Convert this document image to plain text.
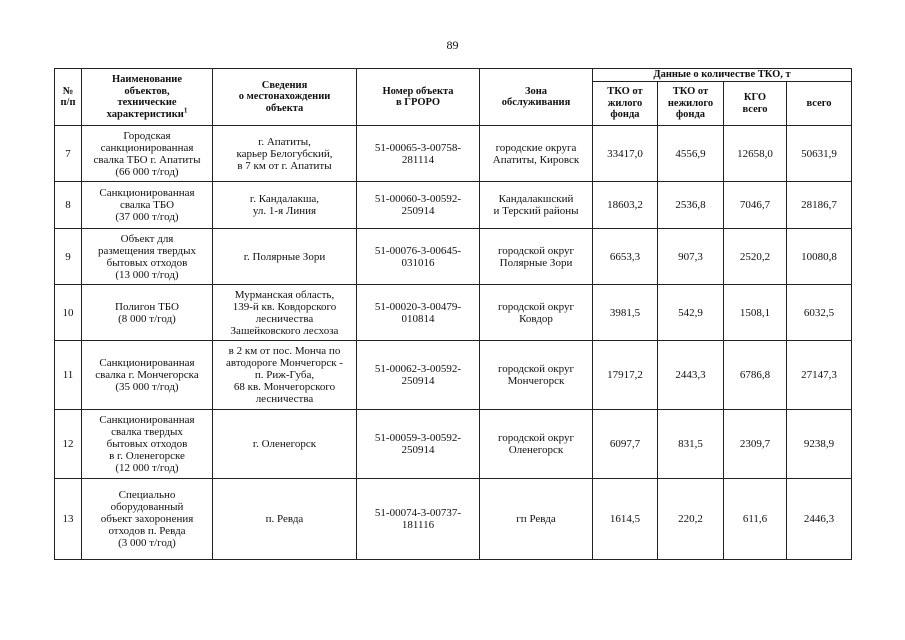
89
№
п/п	Наименование
объектов,
технические
характеристики$^1$	Сведения
о местонахождении
объекта	Номер объекта
в ГРОРО	Зона
обслуживания	Данные о количестве ТКО, т			
					ТКО от
жилого
фонда	ТКО от
нежилого
фонда	КГО
всего	всего
7	Городская
санкционированная
свалка ТБО г. Апатиты
(66 000 т/год)	г. Апатиты,
карьер Белогубский,
в 7 км от г. Апатиты	51-00065-3-00758-
281114	городские округа
Апатиты, Кировск	33417,0	4556,9	12658,0	50631,9
8	Санкционированная
свалка ТБО
(37 000 т/год)	г. Кандалакша,
ул. 1-я Линия	51-00060-3-00592-
250914	Кандалакшский
и Терский районы	18603,2	2536,8	7046,7	28186,7
9	Объект для
размещения твердых
бытовых отходов
(13 000 т/год)	г. Полярные Зори	51-00076-3-00645-
031016	городской округ
Полярные Зори	6653,3	907,3	2520,2	10080,8
10	Полигон ТБО
(8 000 т/год)	Мурманская область,
139-й кв. Ковдорского
лесничества
Зашейковского лесхоза	51-00020-3-00479-
010814	городской округ
Ковдор	3981,5	542,9	1508,1	6032,5
11	Санкционированная
свалка г. Мончегорска
(35 000 т/год)	в 2 км от пос. Монча по
автодороге Мончегорск -
п. Риж-Губа,
68 кв. Мончегорского
лесничества	51-00062-3-00592-
250914	городской округ
Мончегорск	17917,2	2443,3	6786,8	27147,3
12	Санкционированная
свалка твердых
бытовых отходов
в г. Оленегорске
(12 000 т/год)	г. Оленегорск	51-00059-3-00592-
250914	городской округ
Оленегорск	6097,7	831,5	2309,7	9238,9
13	Специально
оборудованный
объект захоронения
отходов п. Ревда
(3 000 т/год)	п. Ревда	51-00074-3-00737-
181116	гп Ревда	1614,5	220,2	611,6	2446,3
